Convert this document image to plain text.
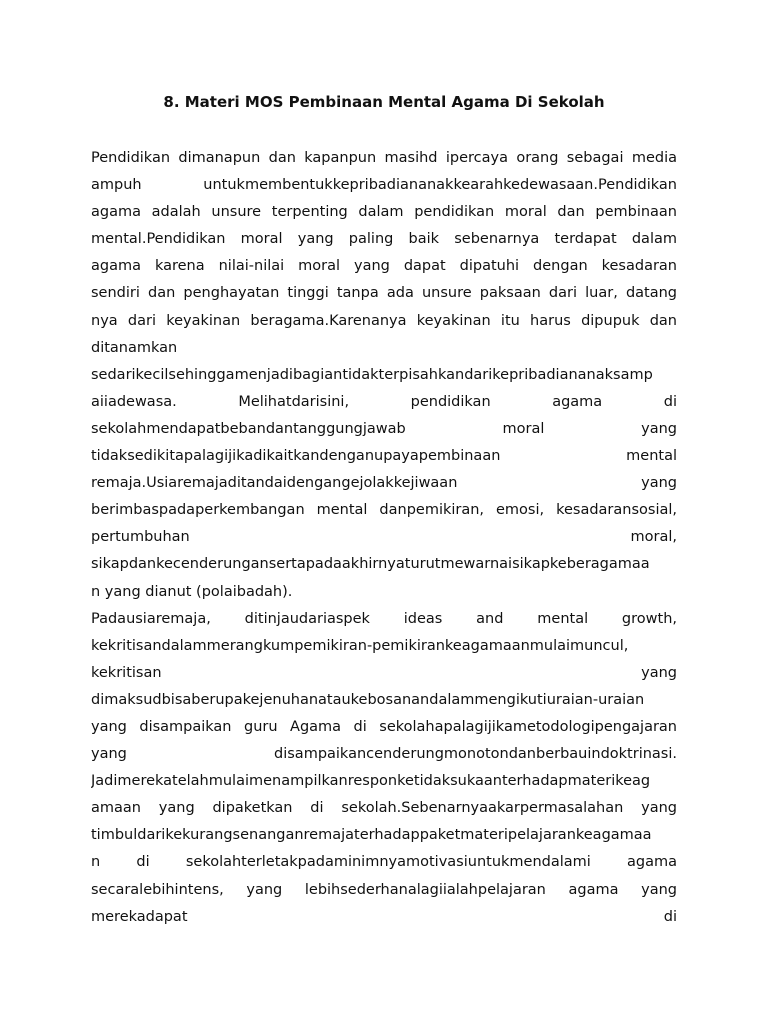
8. Materi MOS Pembinaan Mental Agama Di Sekolah
Pendidikan dimanapun dan kapanpun masihd ipercaya orang sebagai media
ampuh untukmembentukkepribadiananakkearahkedewasaan.Pendidikan
agama adalah unsure terpenting dalam pendidikan moral dan pembinaan
mental.Pendidikan moral yang paling baik sebenarnya terdapat dalam
agama karena nilai-nilai moral yang dapat dipatuhi dengan kesadaran
sendiri dan penghayatan tinggi tanpa ada unsure paksaan dari luar, datang
nya dari keyakinan beragama.Karenanya keyakinan itu harus dipupuk dan
ditanamkan
sedarikecilsehinggamenjadibagiantidakterpisahkandarikepribadiananaksamp
aiiadewasa. Melihatdarisini, pendidikan agama di
sekolahmendapatbebandantanggungjawab moral yang
tidaksedikitapalagijikadikaitkandenganupayapembinaan mental
remaja.Usiaremajaditandaidengangejolakkejiwaan yang
berimbaspadaperkembangan mental danpemikiran, emosi, kesadaransosial,
pertumbuhan moral,
sikapdankecenderungansertapadaakhirnyaturutmewarnaisikapkeberagamaa
n yang dianut (polaibadah).
Padausiaremaja, ditinjaudariaspek ideas and mental growth,
kekritisandalammerangkumpemikiran-pemikirankeagamaanmulaimuncul,
kekritisan yang
dimaksudbisaberupakejenuhanataukebosanandalammengikutiuraian-uraian
yang disampaikan guru Agama di sekolahapalagijikametodologipengajaran
yang disampaikancenderungmonotondanberbauindoktrinasi.
Jadimerekatelahmulaimenampilkanresponketidaksukaanterhadapmaterikeag
amaan yang dipaketkan di sekolah.Sebenarnyaakarpermasalahan yang
timbuldarikekurangsenanganremajaterhadappaketmateripelajarankeagamaa
n di sekolahterletakpadaminimnyamotivasiuntukmendalami agama
secaralebihintens, yang lebihsederhanalagiialahpelajaran agama yang
merekadapat di
